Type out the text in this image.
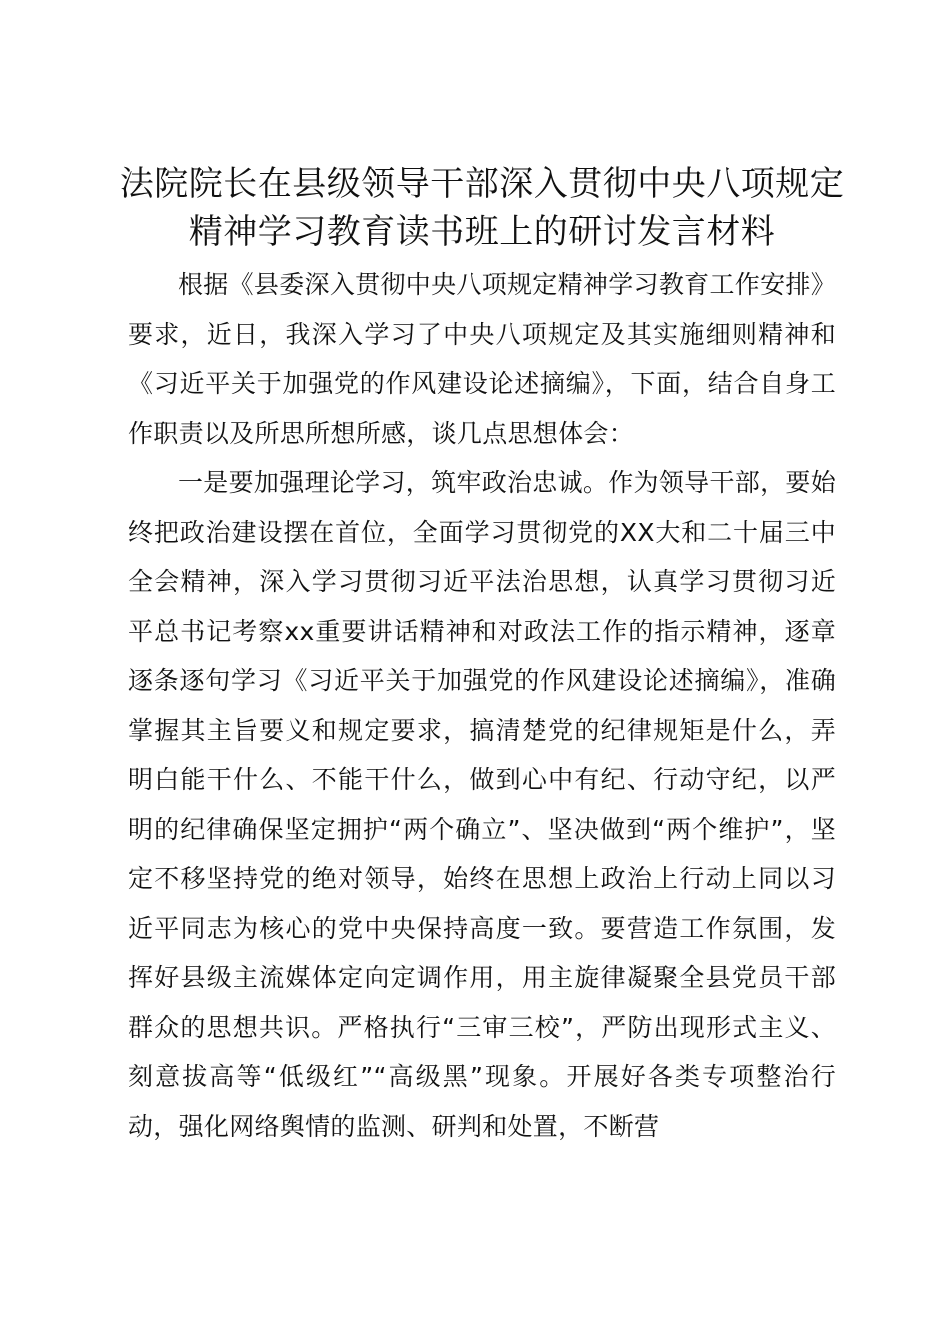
法院院长在县级领导干部深入贯彻中央八项规定精神学习教育读书班上的研讨发言材料

根据《县委深入贯彻中央八项规定精神学习教育工作安排》要求，近日，我深入学习了中央八项规定及其实施细则精神和《习近平关于加强党的作风建设论述摘编》，下面，结合自身工作职责以及所思所想所感，谈几点思想体会：

一是要加强理论学习，筑牢政治忠诚。作为领导干部，要始终把政治建设摆在首位，全面学习贯彻党的XX大和二十届三中全会精神，深入学习贯彻习近平法治思想，认真学习贯彻习近平总书记考察xx重要讲话精神和对政法工作的指示精神，逐章逐条逐句学习《习近平关于加强党的作风建设论述摘编》，准确掌握其主旨要义和规定要求，搞清楚党的纪律规矩是什么，弄明白能干什么、不能干什么，做到心中有纪、行动守纪，以严明的纪律确保坚定拥护“两个确立”、坚决做到“两个维护”，坚定不移坚持党的绝对领导，始终在思想上政治上行动上同以习近平同志为核心的党中央保持高度一致。要营造工作氛围，发挥好县级主流媒体定向定调作用，用主旋律凝聚全县党员干部群众的思想共识。严格执行“三审三校”，严防出现形式主义、刻意拔高等“低级红”“高级黑”现象。开展好各类专项整治行动，强化网络舆情的监测、研判和处置，不断营
